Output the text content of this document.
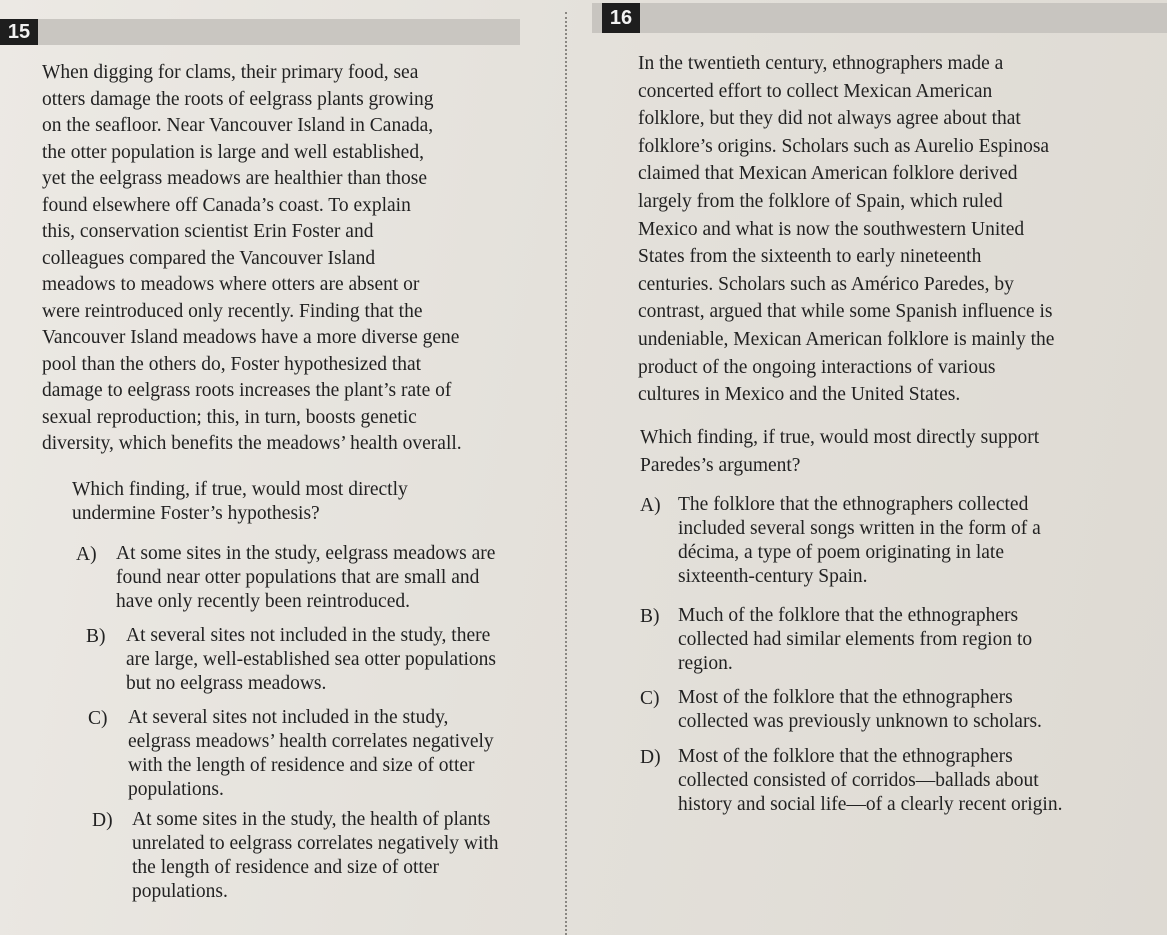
15
When digging for clams, their primary food, sea
otters damage the roots of eelgrass plants growing
on the seafloor. Near Vancouver Island in Canada,
the otter population is large and well established,
yet the eelgrass meadows are healthier than those
found elsewhere off Canada’s coast. To explain
this, conservation scientist Erin Foster and
colleagues compared the Vancouver Island
meadows to meadows where otters are absent or
were reintroduced only recently. Finding that the
Vancouver Island meadows have a more diverse gene
pool than the others do, Foster hypothesized that
damage to eelgrass roots increases the plant’s rate of
sexual reproduction; this, in turn, boosts genetic
diversity, which benefits the meadows’ health overall.
Which finding, if true, would most directly
undermine Foster’s hypothesis?
A) At some sites in the study, eelgrass meadows are
found near otter populations that are small and
have only recently been reintroduced.
B) At several sites not included in the study, there
are large, well-established sea otter populations
but no eelgrass meadows.
C) At several sites not included in the study,
eelgrass meadows’ health correlates negatively
with the length of residence and size of otter
populations.
D) At some sites in the study, the health of plants
unrelated to eelgrass correlates negatively with
the length of residence and size of otter
populations.
16
In the twentieth century, ethnographers made a
concerted effort to collect Mexican American
folklore, but they did not always agree about that
folklore’s origins. Scholars such as Aurelio Espinosa
claimed that Mexican American folklore derived
largely from the folklore of Spain, which ruled
Mexico and what is now the southwestern United
States from the sixteenth to early nineteenth
centuries. Scholars such as Américo Paredes, by
contrast, argued that while some Spanish influence is
undeniable, Mexican American folklore is mainly the
product of the ongoing interactions of various
cultures in Mexico and the United States.
Which finding, if true, would most directly support
Paredes’s argument?
A) The folklore that the ethnographers collected
included several songs written in the form of a
décima, a type of poem originating in late
sixteenth-century Spain.
B) Much of the folklore that the ethnographers
collected had similar elements from region to
region.
C) Most of the folklore that the ethnographers
collected was previously unknown to scholars.
D) Most of the folklore that the ethnographers
collected consisted of corridos—ballads about
history and social life—of a clearly recent origin.
